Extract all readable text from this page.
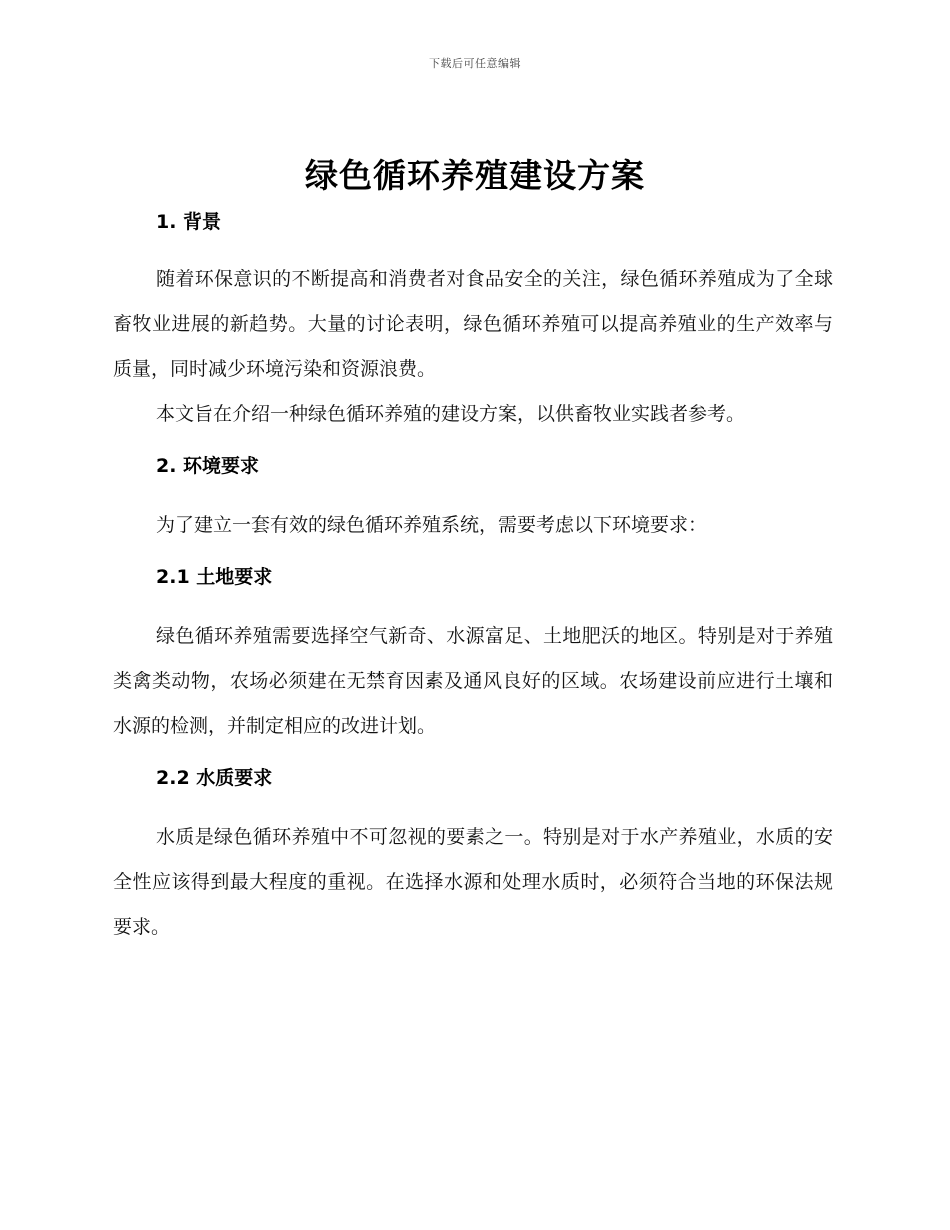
下载后可任意编辑
绿色循环养殖建设方案
1. 背景

随着环保意识的不断提高和消费者对食品安全的关注，绿色循环养殖成为了全球畜牧业进展的新趋势。大量的讨论表明，绿色循环养殖可以提高养殖业的生产效率与质量，同时减少环境污染和资源浪费。

本文旨在介绍一种绿色循环养殖的建设方案，以供畜牧业实践者参考。

2. 环境要求

为了建立一套有效的绿色循环养殖系统，需要考虑以下环境要求：

2.1 土地要求

绿色循环养殖需要选择空气新奇、水源富足、土地肥沃的地区。特别是对于养殖类禽类动物，农场必须建在无禁育因素及通风良好的区域。农场建设前应进行土壤和水源的检测，并制定相应的改进计划。

2.2 水质要求

水质是绿色循环养殖中不可忽视的要素之一。特别是对于水产养殖业，水质的安全性应该得到最大程度的重视。在选择水源和处理水质时，必须符合当地的环保法规要求。
